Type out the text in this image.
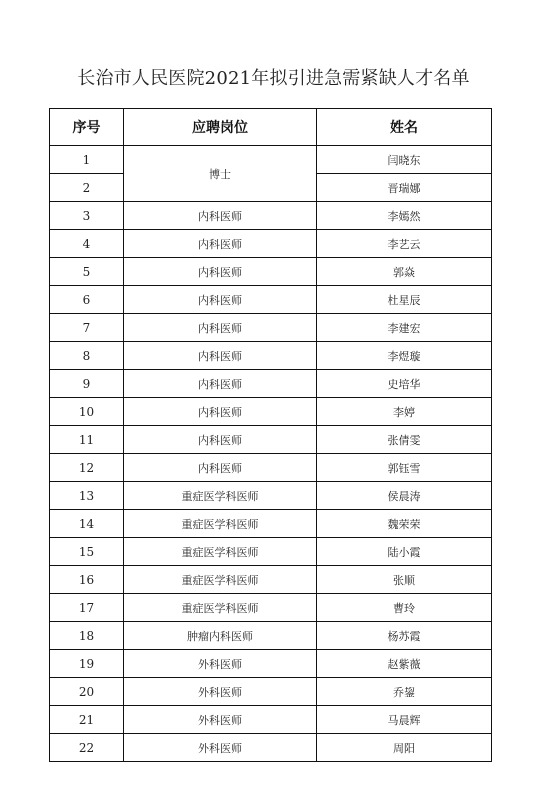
长治市人民医院2021年拟引进急需紧缺人才名单
序号	应聘岗位	姓名
1	博士	闫晓东
2		晋瑞娜
3	内科医师	李嫣然
4	内科医师	李艺云
5	内科医师	郭焱
6	内科医师	杜星辰
7	内科医师	李建宏
8	内科医师	李煜璇
9	内科医师	史培华
10	内科医师	李婷
11	内科医师	张倩雯
12	内科医师	郭钰雪
13	重症医学科医师	侯晨涛
14	重症医学科医师	魏荣荣
15	重症医学科医师	陆小霞
16	重症医学科医师	张顺
17	重症医学科医师	曹玲
18	肿瘤内科医师	杨苏霞
19	外科医师	赵紫薇
20	外科医师	乔鋆
21	外科医师	马晨辉
22	外科医师	周阳
